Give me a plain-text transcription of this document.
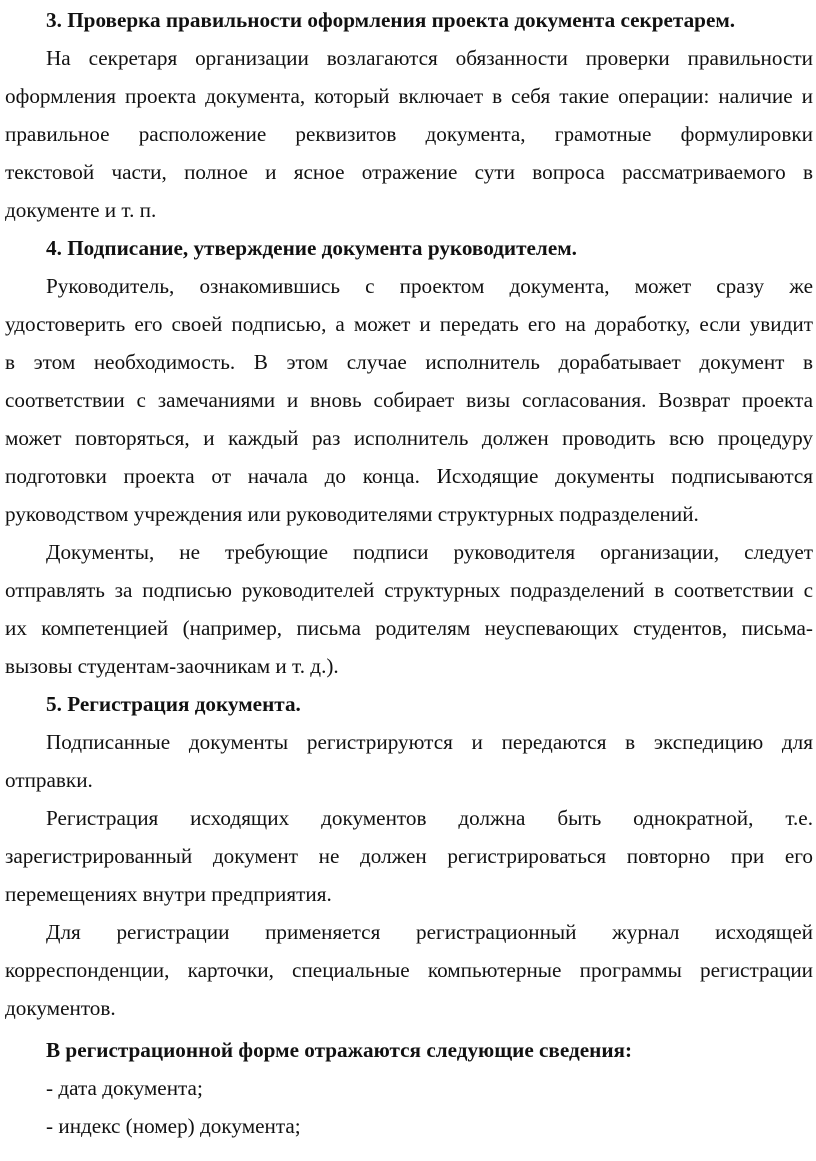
3. Проверка правильности оформления проекта документа секретарем.
На секретаря организации возлагаются обязанности проверки правильности
оформления проекта документа, который включает в себя такие операции: наличие и
правильное расположение реквизитов документа, грамотные формулировки
текстовой части, полное и ясное отражение сути вопроса рассматриваемого в
документе и т. п.
4. Подписание, утверждение документа руководителем.
Руководитель, ознакомившись с проектом документа, может сразу же
удостоверить его своей подписью, а может и передать его на доработку, если увидит
в этом необходимость. В этом случае исполнитель дорабатывает документ в
соответствии с замечаниями и вновь собирает визы согласования. Возврат проекта
может повторяться, и каждый раз исполнитель должен проводить всю процедуру
подготовки проекта от начала до конца. Исходящие документы подписываются
руководством учреждения или руководителями структурных подразделений.
Документы, не требующие подписи руководителя организации, следует
отправлять за подписью руководителей структурных подразделений в соответствии с
их компетенцией (например, письма родителям неуспевающих студентов, письма-
вызовы студентам-заочникам и т. д.).
5. Регистрация документа.
Подписанные документы регистрируются и передаются в экспедицию для
отправки.
Регистрация исходящих документов должна быть однократной, т.е.
зарегистрированный документ не должен регистрироваться повторно при его
перемещениях внутри предприятия.
Для регистрации применяется регистрационный журнал исходящей
корреспонденции, карточки, специальные компьютерные программы регистрации
документов.
В регистрационной форме отражаются следующие сведения:
- дата документа;
- индекс (номер) документа;
